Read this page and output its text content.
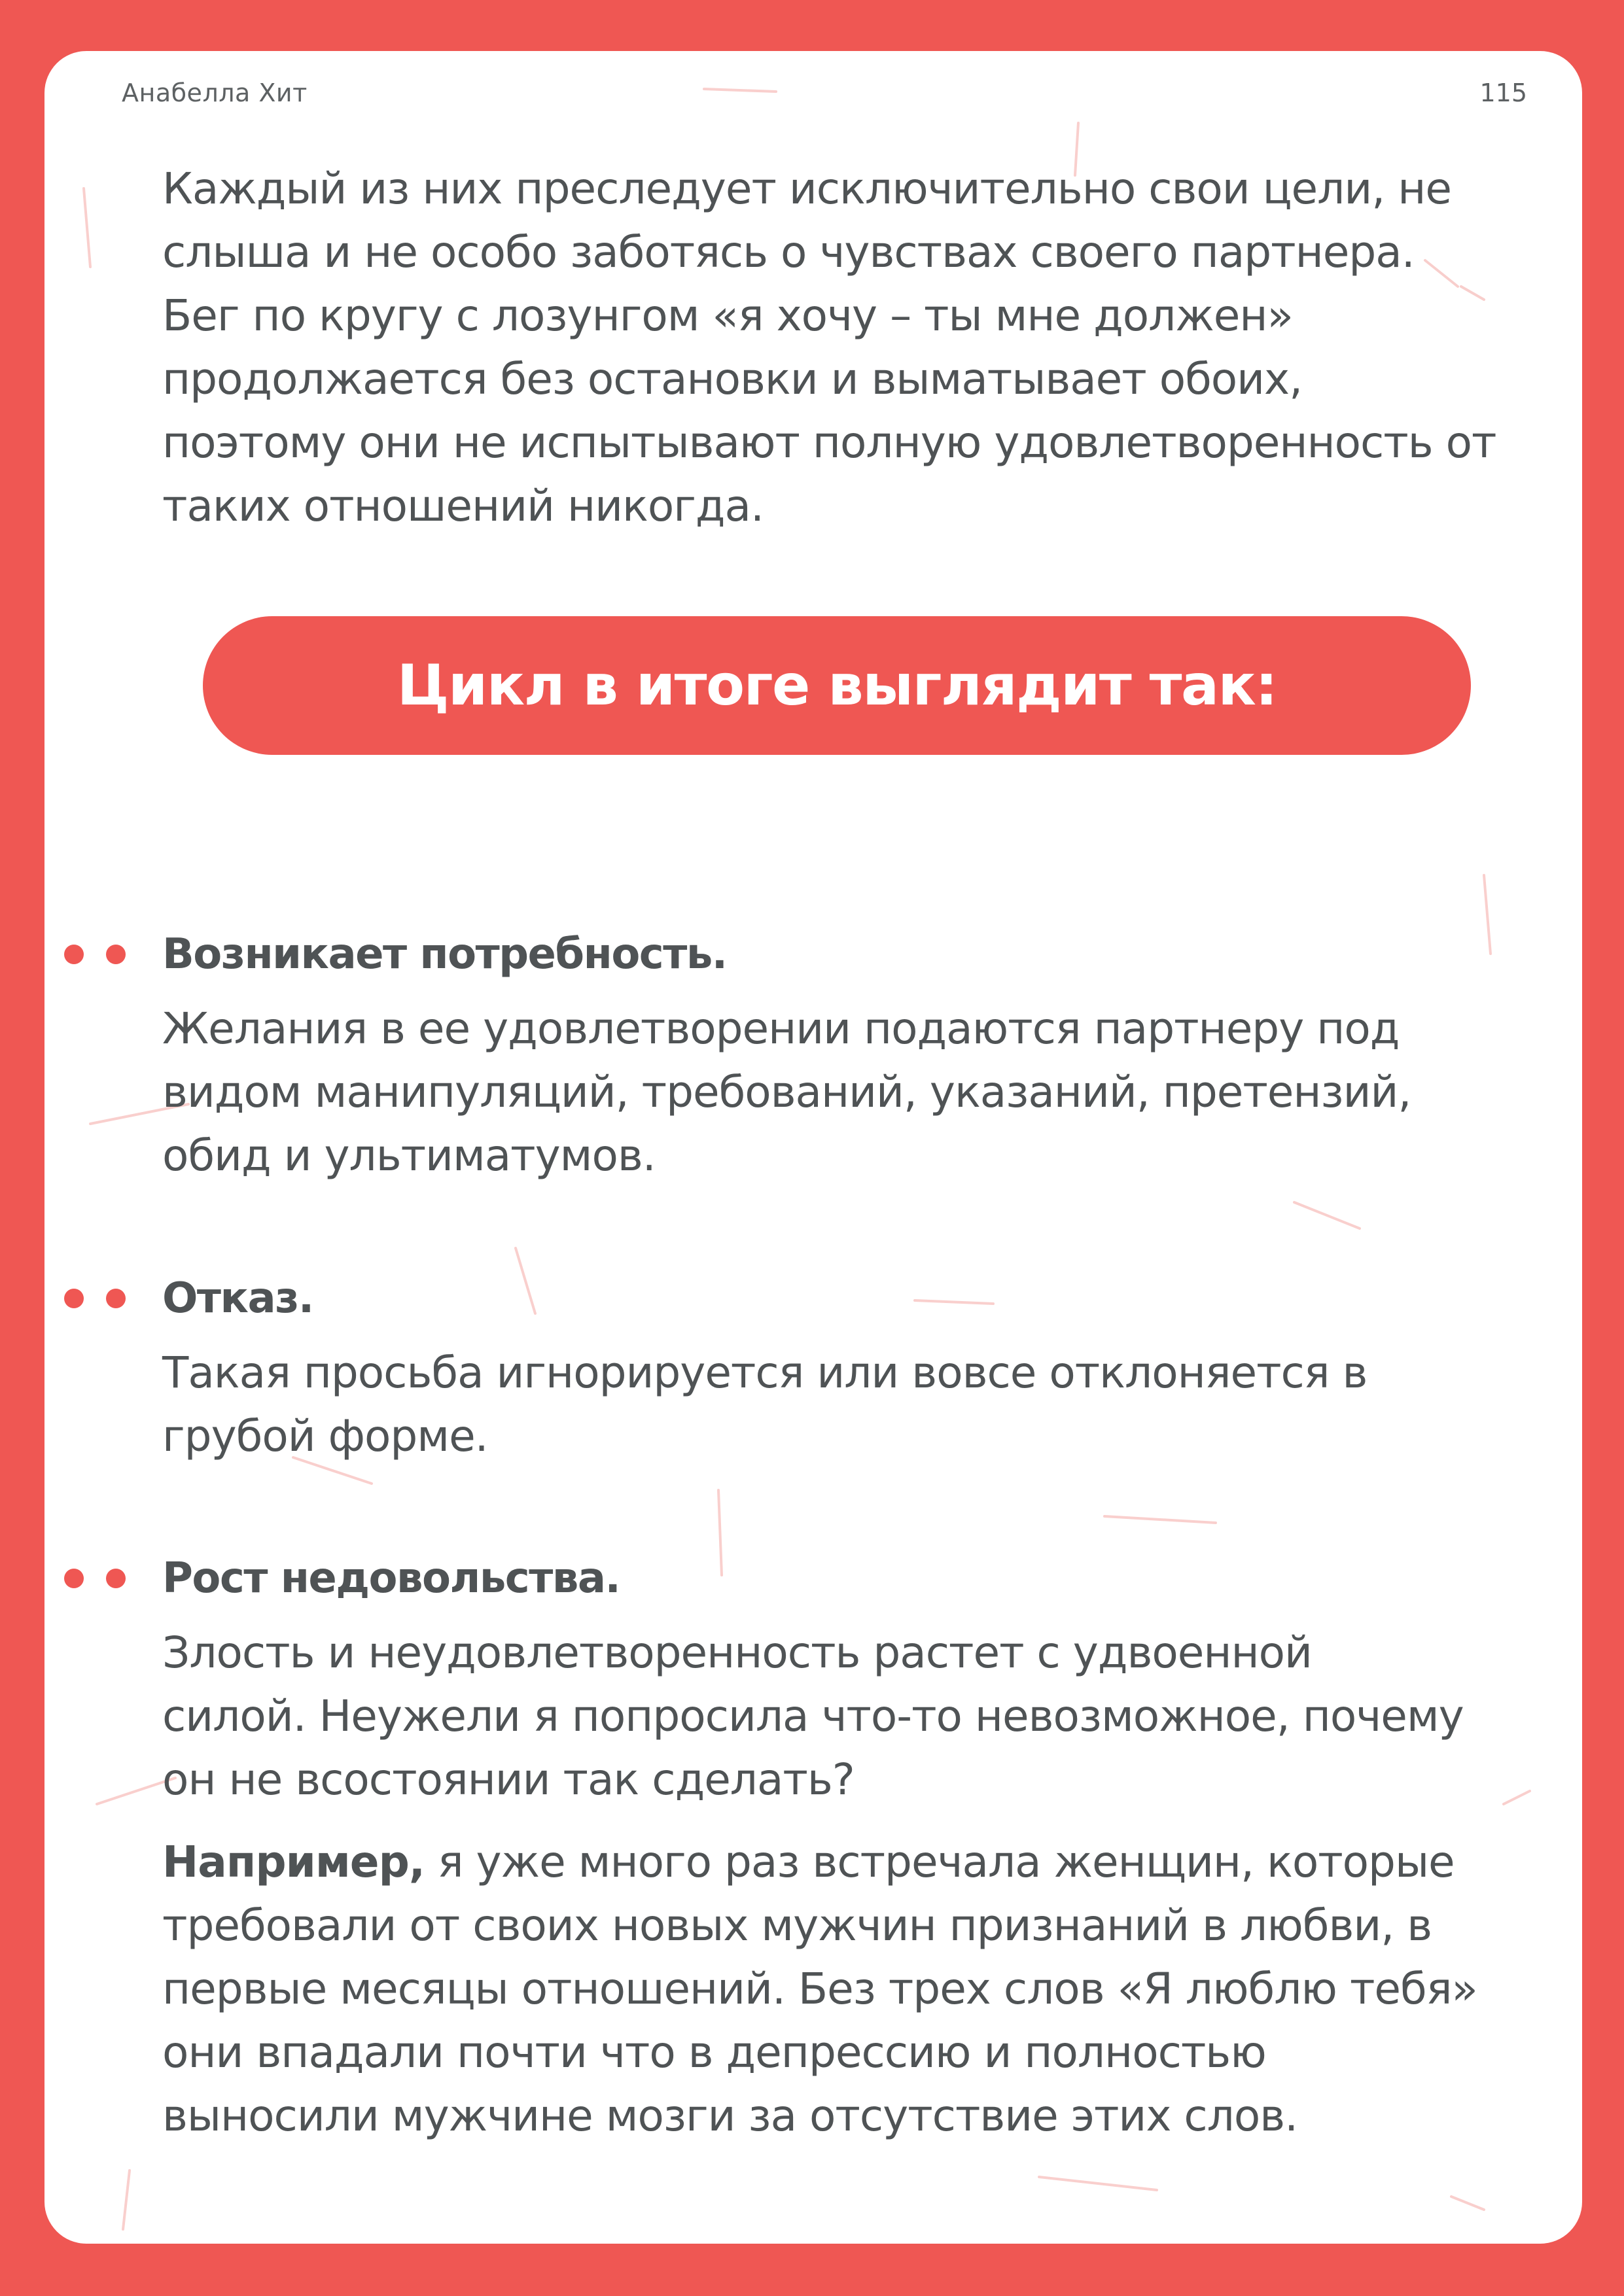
Анабелла Хит	115

Каждый из них преследует исключительно свои цели, не
слыша и не особо заботясь о чувствах своего партнера.
Бег по кругу с лозунгом «я хочу – ты мне должен»
продолжается без остановки и выматывает обоих,
поэтому они не испытывают полную удовлетворенность от
таких отношений никогда.

Цикл в итоге выглядит так:
Возникает потребность.

Желания в ее удовлетворении подаются партнеру под
видом манипуляций, требований, указаний, претензий,
обид и ультиматумов.

Отказ.

Такая просьба игнорируется или вовсе отклоняется в
грубой форме.

Рост недовольства.

Злость и неудовлетворенность растет с удвоенной
силой. Неужели я попросила что-то невозможное, почему
он не всостоянии так сделать?

Например, я уже много раз встречала женщин, которые
требовали от своих новых мужчин признаний в любви, в
первые месяцы отношений. Без трех слов «Я люблю тебя»
они впадали почти что в депрессию и полностью
выносили мужчине мозги за отсутствие этих слов.
